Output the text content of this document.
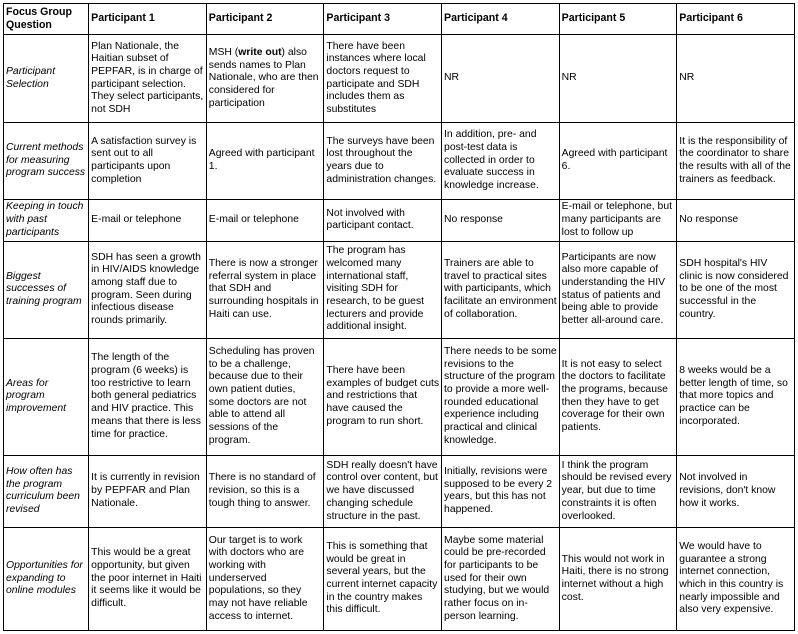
Focus Group Question	Participant 1	Participant 2	Participant 3	Participant 4	Participant 5	Participant 6
Participant Selection	Plan Nationale, the Haitian subset of PEPFAR, is in charge of participant selection. They select participants, not SDH	MSH (write out) also sends names to Plan Nationale, who are then considered for participation	There have been instances where local doctors request to participate and SDH includes them as substitutes	NR	NR	NR
Current methods for measuring program success	A satisfaction survey is sent out to all participants upon completion	Agreed with participant 1.	The surveys have been lost throughout the years due to administration changes.	In addition, pre- and post-test data is collected in order to evaluate success in knowledge increase.	Agreed with participant 6.	It is the responsibility of the coordinator to share the results with all of the trainers as feedback.
Keeping in touch with past participants	E-mail or telephone	E-mail or telephone	Not involved with participant contact.	No response	E-mail or telephone, but many participants are lost to follow up	No response
Biggest successes of training program	SDH has seen a growth in HIV/AIDS knowledge among staff due to program. Seen during infectious disease rounds primarily.	There is now a stronger referral system in place that SDH and surrounding hospitals in Haiti can use.	The program has welcomed many international staff, visiting SDH for research, to be guest lecturers and provide additional insight.	Trainers are able to travel to practical sites with participants, which facilitate an environment of collaboration.	Participants are now also more capable of understanding the HIV status of patients and being able to provide better all-around care.	SDH hospital's HIV clinic is now considered to be one of the most successful in the country.
Areas for program improvement	The length of the program (6 weeks) is too restrictive to learn both general pediatrics and HIV practice. This means that there is less time for practice.	Scheduling has proven to be a challenge, because due to their own patient duties, some doctors are not able to attend all sessions of the program.	There have been examples of budget cuts and restrictions that have caused the program to run short.	There needs to be some revisions to the structure of the program to provide a more well-rounded educational experience including practical and clinical knowledge.	It is not easy to select the doctors to facilitate the programs, because then they have to get coverage for their own patients.	8 weeks would be a better length of time, so that more topics and practice can be incorporated.
How often has the program curriculum been revised	It is currently in revision by PEPFAR and Plan Nationale.	There is no standard of revision, so this is a tough thing to answer.	SDH really doesn't have control over content, but we have discussed changing schedule structure in the past.	Initially, revisions were supposed to be every 2 years, but this has not happened.	I think the program should be revised every year, but due to time constraints it is often overlooked.	Not involved in revisions, don't know how it works.
Opportunities for expanding to online modules	This would be a great opportunity, but given the poor internet in Haiti it seems like it would be difficult.	Our target is to work with doctors who are working with underserved populations, so they may not have reliable access to internet.	This is something that would be great in several years, but the current internet capacity in the country makes this difficult.	Maybe some material could be pre-recorded for participants to be used for their own studying, but we would rather focus on in-person learning.	This would not work in Haiti, there is no strong internet without a high cost.	We would have to guarantee a strong internet connection, which in this country is nearly impossible and also very expensive.
